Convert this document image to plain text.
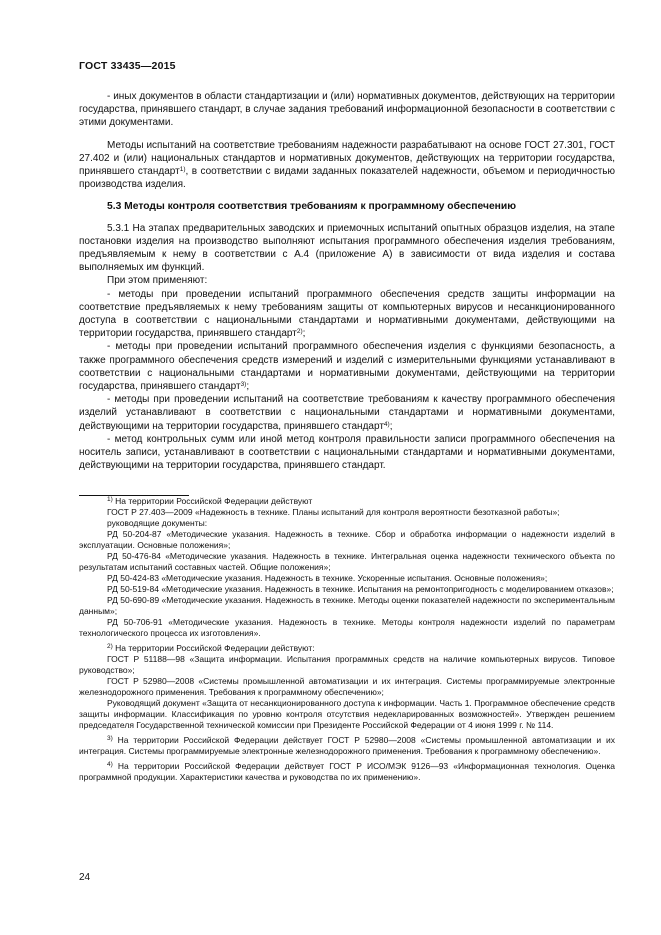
ГОСТ 33435—2015

- иных документов в области стандартизации и (или) нормативных документов, действующих на территории государства, принявшего стандарт, в случае задания требований информационной безопасности в соответствии с этими документами.

Методы испытаний на соответствие требованиям надежности разрабатывают на основе ГОСТ 27.301, ГОСТ 27.402 и (или) национальных стандартов и нормативных документов, действующих на территории государства, принявшего стандарт$^{1)}$, в соответствии с видами заданных показателей надежности, объемом и периодичностью производства изделия.

5.3 Методы контроля соответствия требованиям к программному обеспечению

5.3.1 На этапах предварительных заводских и приемочных испытаний опытных образцов изделия, на этапе постановки изделия на производство выполняют испытания программного обеспечения изделия требованиям, предъявляемым к нему в соответствии с А.4 (приложение А) в зависимости от вида изделия и состава выполняемых им функций.

При этом применяют:

- методы при проведении испытаний программного обеспечения средств защиты информации на соответствие предъявляемых к нему требованиям защиты от компьютерных вирусов и несанкционированного доступа в соответствии с национальными стандартами и нормативными документами, действующими на территории государства, принявшего стандарт$^{2)}$;

- методы при проведении испытаний программного обеспечения изделия с функциями безопасность, а также программного обеспечения средств измерений и изделий с измерительными функциями устанавливают в соответствии с национальными стандартами и нормативными документами, действующими на территории государства, принявшего стандарт$^{3)}$;

- методы при проведении испытаний на соответствие требованиям к качеству программного обеспечения изделий устанавливают в соответствии с национальными стандартами и нормативными документами, действующими на территории государства, принявшего стандарт$^{4)}$;

- метод контрольных сумм или иной метод контроля правильности записи программного обеспечения на носитель записи, устанавливают в соответствии с национальными стандартами и нормативными документами, действующими на территории государства, принявшего стандарт.

$^{1)}$ На территории Российской Федерации действуют

ГОСТ Р 27.403—2009 «Надежность в технике. Планы испытаний для контроля вероятности безотказной работы»;

руководящие документы:

РД 50-204-87 «Методические указания. Надежность в технике. Сбор и обработка информации о надежности изделий в эксплуатации. Основные положения»;

РД 50-476-84 «Методические указания. Надежность в технике. Интегральная оценка надежности технического объекта по результатам испытаний составных частей. Общие положения»;

РД 50-424-83 «Методические указания. Надежность в технике. Ускоренные испытания. Основные положения»;

РД 50-519-84 «Методические указания. Надежность в технике. Испытания на ремонтопригодность с моделированием отказов»;

РД 50-690-89 «Методические указания. Надежность в технике. Методы оценки показателей надежности по экспериментальным данным»;

РД 50-706-91 «Методические указания. Надежность в технике. Методы контроля надежности изделий по параметрам технологического процесса их изготовления».

$^{2)}$ На территории Российской Федерации действуют:

ГОСТ Р 51188—98 «Защита информации. Испытания программных средств на наличие компьютерных вирусов. Типовое руководство»;

ГОСТ Р 52980—2008 «Системы промышленной автоматизации и их интеграция. Системы программируемые электронные железнодорожного применения. Требования к программному обеспечению»;

Руководящий документ «Защита от несанкционированного доступа к информации. Часть 1. Программное обеспечение средств защиты информации. Классификация по уровню контроля отсутствия недекларированных возможностей». Утвержден решением председателя Государственной технической комиссии при Президенте Российской Федерации от 4 июня 1999 г. № 114.

$^{3)}$ На территории Российской Федерации действует ГОСТ Р 52980—2008 «Системы промышленной автоматизации и их интеграция. Системы программируемые электронные железнодорожного применения. Требования к программному обеспечению».

$^{4)}$ На территории Российской Федерации действует ГОСТ Р ИСО/МЭК 9126—93 «Информационная технология. Оценка программной продукции. Характеристики качества и руководства по их применению».

24
